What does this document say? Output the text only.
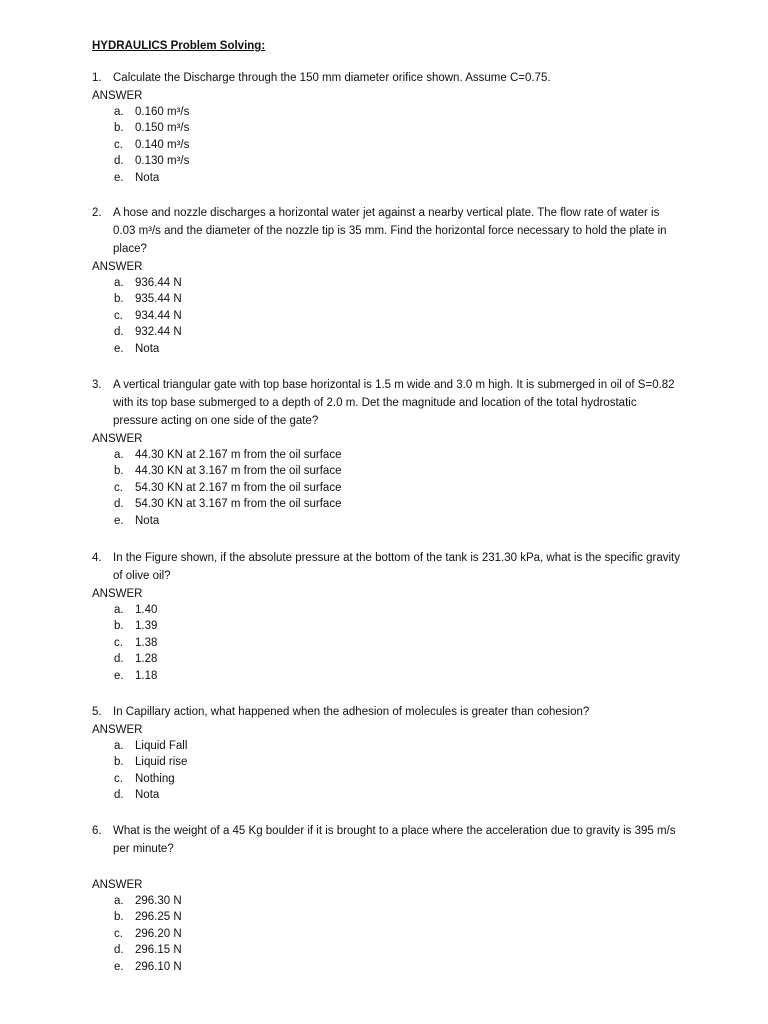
HYDRAULICS Problem Solving:
1. Calculate the Discharge through the 150 mm diameter orifice shown. Assume C=0.75.
ANSWER
a. 0.160 m³/s
b. 0.150 m³/s
c.	0.140 m³/s
d. 0.130 m³/s
e. Nota
2. A hose and nozzle discharges a horizontal water jet against a nearby vertical plate. The flow rate of water is 0.03 m³/s and the diameter of the nozzle tip is 35 mm. Find the horizontal force necessary to hold the plate in place?
ANSWER
a. 936.44 N
b. 935.44 N
c.	934.44 N
d. 932.44 N
e. Nota
3. A vertical triangular gate with top base horizontal is 1.5 m wide and 3.0 m high. It is submerged in oil of S=0.82 with its top base submerged to a depth of 2.0 m. Det the magnitude and location of the total hydrostatic pressure acting on one side of the gate?
ANSWER
a. 44.30 KN at 2.167 m from the oil surface
b. 44.30 KN at 3.167 m from the oil surface
c.	54.30 KN at 2.167 m from the oil surface
d. 54.30 KN at 3.167 m from the oil surface
e. Nota
4. In the Figure shown, if the absolute pressure at the bottom of the tank is 231.30 kPa, what is the specific gravity of olive oil?
ANSWER
a. 1.40
b. 1.39
c.	1.38
d. 1.28
e. 1.18
5. In Capillary action, what happened when the adhesion of molecules is greater than cohesion?
ANSWER
a. Liquid Fall
b. Liquid rise
c.	Nothing
d. Nota
6. What is the weight of a 45 Kg boulder if it is brought to a place where the acceleration due to gravity is 395 m/s per minute?
ANSWER
a. 296.30 N
b. 296.25 N
c.	296.20 N
d. 296.15 N
e. 296.10 N
